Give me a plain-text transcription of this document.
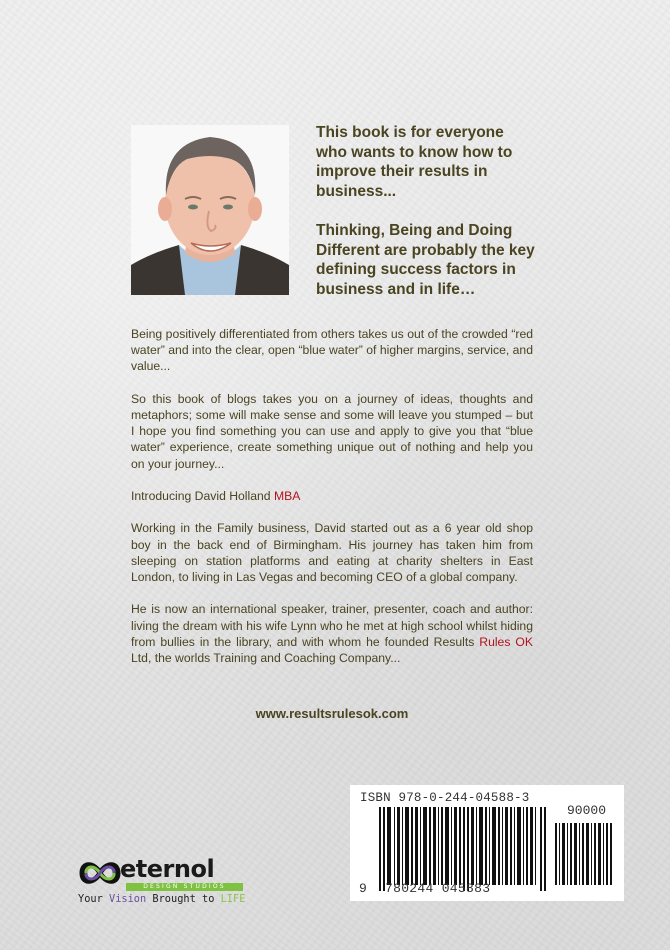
This book is for everyone who wants to know how to improve their results in business...

Thinking, Being and Doing Different are probably the key defining success factors in business and in life…

Being positively differentiated from others takes us out of the crowded “red water” and into the clear, open “blue water” of higher margins, service, and value...

So this book of blogs takes you on a journey of ideas, thoughts and metaphors; some will make sense and some will leave you stumped – but I hope you find something you can use and apply to give you that “blue water” experience, create something unique out of nothing and help you on your journey...

Introducing David Holland MBA

Working in the Family business, David started out as a 6 year old shop boy in the back end of Birmingham. His journey has taken him from sleeping on station platforms and eating at charity shelters in East London, to living in Las Vegas and becoming CEO of a global company.

He is now an international speaker, trainer, presenter, coach and author: living the dream with his wife Lynn who he met at high school whilst hiding from bullies in the library, and with whom he founded Results Rules OK Ltd, the worlds Training and Coaching Company...

www.resultsrulesok.com
ISBN 978-0-244-04588-3
90000
9 780244 045883
eternol
DESIGN STUDIOS
Your Vision Brought to LIFE
